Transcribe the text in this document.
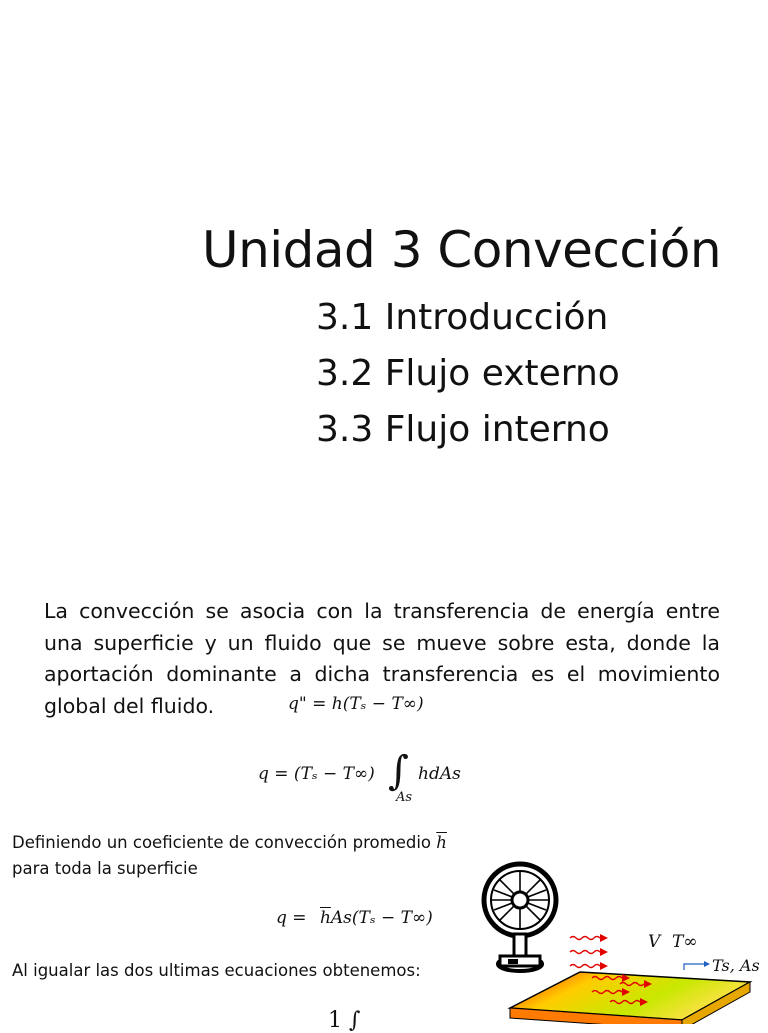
Unidad 3 Convección
3.1 Introducción
3.2 Flujo externo
3.3 Flujo interno
La convección se asocia con la transferencia de energía entre una superficie y un fluido que se mueve sobre esta, donde la aportación dominante a dicha transferencia es el movimiento global del fluido.	q" = h(Tₛ − T∞)
q = (Tₛ − T∞) ∫
As
hdAs
Definiendo un coeficiente de convección promedio $\overline{h}$
para toda la superficie
$q = \overline{h}As(T_s - T\infty)$
Al igualar las dos ultimas ecuaciones obtenemos:
1 ∫
V T∞
Ts, As
